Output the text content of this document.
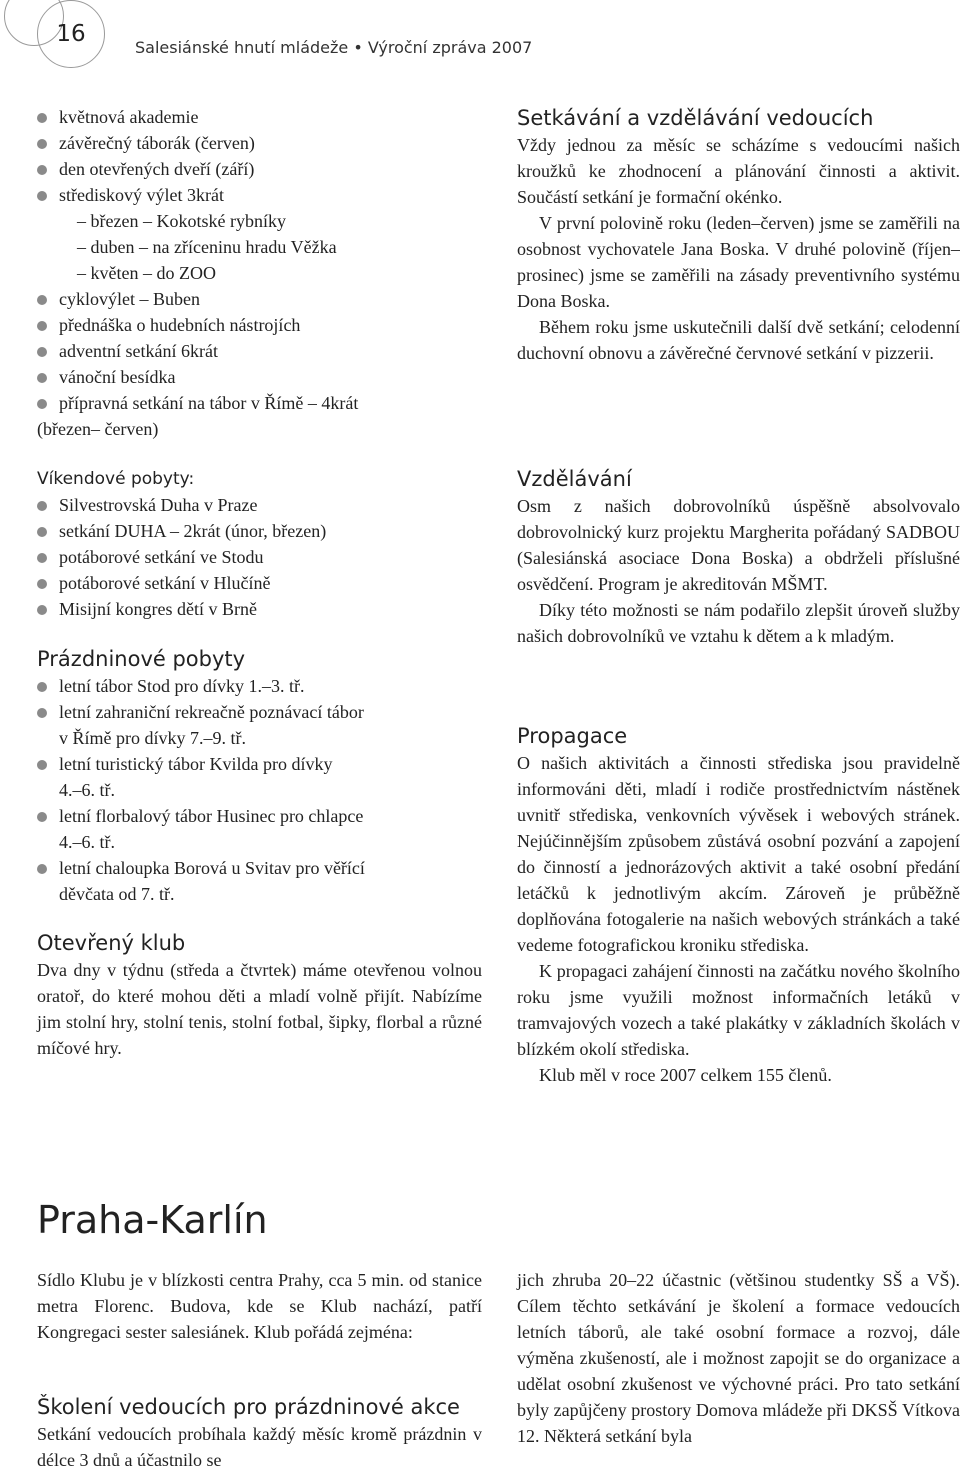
16
Salesiánské hnutí mládeže • Výroční zpráva 2007
květnová akademie
závěrečný táborák (červen)
den otevřených dveří (září)
střediskový výlet 3krát
– březen – Kokotské rybníky
– duben – na zříceninu hradu Věžka
– květen – do ZOO
cyklovýlet – Buben
přednáška o hudebních nástrojích
adventní setkání 6krát
vánoční besídka
přípravná setkání na tábor v Římě – 4krát
(březen– červen)
Víkendové pobyty:
Silvestrovská Duha v Praze
setkání DUHA – 2krát (únor, březen)
potáborové setkání ve Stodu
potáborové setkání v Hlučíně
Misijní kongres dětí v Brně
Prázdninové pobyty
letní tábor Stod pro dívky 1.–3. tř.
letní zahraniční rekreačně poznávací tábor
v Římě pro dívky 7.–9. tř.
letní turistický tábor Kvilda pro dívky
4.–6. tř.
letní florbalový tábor Husinec pro chlapce
4.–6. tř.
letní chaloupka Borová u Svitav pro věřící
děvčata od 7. tř.
Otevřený klub
Dva dny v týdnu (středa a čtvrtek) máme otevřenou volnou oratoř, do které mohou děti a mladí volně přijít. Nabízíme jim stolní hry, stolní tenis, stolní fotbal, šipky, florbal a různé míčové hry.
Setkávání a vzdělávání vedoucích
Vždy jednou za měsíc se scházíme s vedoucími našich kroužků ke zhodnocení a plánování činnosti a aktivit. Součástí setkání je formační okénko.
V první polovině roku (leden–červen) jsme se zaměřili na osobnost vychovatele Jana Boska. V druhé polovině (říjen–prosinec) jsme se zaměřili na zásady preventivního systému Dona Boska.
Během roku jsme uskutečnili další dvě setkání; celodenní duchovní obnovu a závěrečné červnové setkání v pizzerii.
Vzdělávání
Osm z našich dobrovolníků úspěšně absolvovalo dobrovolnický kurz projektu Margherita pořádaný SADBOU (Salesiánská asociace Dona Boska) a obdrželi příslušné osvědčení. Program je akreditován MŠMT.
Díky této možnosti se nám podařilo zlepšit úroveň služby našich dobrovolníků ve vztahu k dětem a k mladým.
Propagace
O našich aktivitách a činnosti střediska jsou pravidelně informováni děti, mladí i rodiče prostřednictvím nástěnek uvnitř střediska, venkovních vývěsek i webových stránek. Nejúčinnějším způsobem zůstává osobní pozvání a zapojení do činností a jednorázových aktivit a také osobní předání letáčků k jednotlivým akcím. Zároveň je průběžně doplňována fotogalerie na našich webových stránkách a také vedeme fotografickou kroniku střediska.
K propagaci zahájení činnosti na začátku nového školního roku jsme využili možnost informačních letáků v tramvajových vozech a také plakátky v základních školách v blízkém okolí střediska.
Klub měl v roce 2007 celkem 155 členů.
Praha-Karlín
Sídlo Klubu je v blízkosti centra Prahy, cca 5 min. od stanice metra Florenc. Budova, kde se Klub nachází, patří Kongregaci sester salesiánek. Klub pořádá zejména:
Školení vedoucích pro prázdninové akce
Setkání vedoucích probíhala každý měsíc kromě prázdnin v délce 3 dnů a účastnilo se
jich zhruba 20–22 účastnic (většinou studentky SŠ a VŠ). Cílem těchto setkávání je školení a formace vedoucích letních táborů, ale také osobní formace a rozvoj, dále výměna zkušeností, ale i možnost zapojit se do organizace a udělat osobní zkušenost ve výchovné práci. Pro tato setkání byly zapůjčeny prostory Domova mládeže při DKSŠ Vítkova 12. Některá setkání byla
